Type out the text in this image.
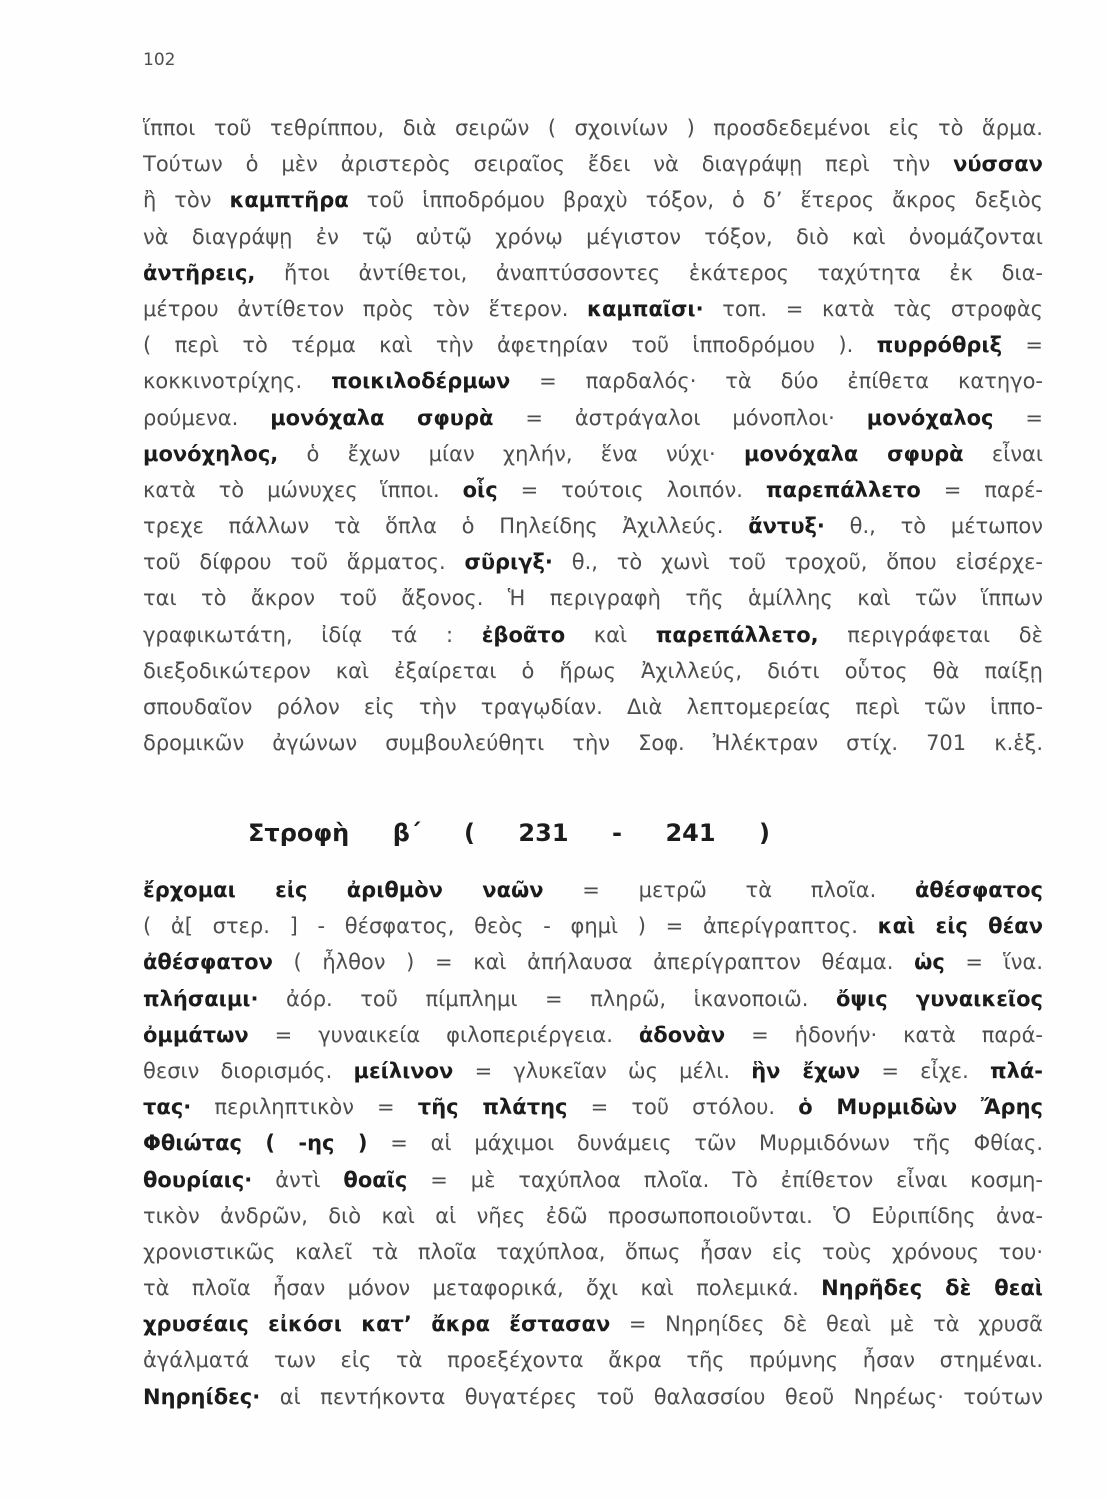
102
ἵπποι τοῦ τεθρίππου, διὰ σειρῶν ( σχοινίων ) προσδεδεμένοι εἰς τὸ ἅρμα.
Τούτων ὁ μὲν ἀριστερὸς σειραῖος ἔδει νὰ διαγράψῃ περὶ τὴν νύσσαν
ἢ τὸν καμπτῆρα τοῦ ἱπποδρόμου βραχὺ τόξον, ὁ δ’ ἕτερος ἄκρος δεξιὸς
νὰ διαγράψῃ ἐν τῷ αὐτῷ χρόνῳ μέγιστον τόξον, διὸ καὶ ὀνομάζονται
ἀντῆρεις, ἤτοι ἀντίθετοι, ἀναπτύσσοντες ἑκάτερος ταχύτητα ἐκ δια-
μέτρου ἀντίθετον πρὸς τὸν ἕτερον. καμπαῖσι· τοπ. = κατὰ τὰς στροφὰς
( περὶ τὸ τέρμα καὶ τὴν ἀφετηρίαν τοῦ ἱπποδρόμου ). πυρρόθριξ =
κοκκινοτρίχης. ποικιλοδέρμων = παρδαλός· τὰ δύο ἐπίθετα κατηγο-
ρούμενα. μονόχαλα σφυρὰ = ἀστράγαλοι μόνοπλοι· μονόχαλος =
μονόχηλος, ὁ ἔχων μίαν χηλήν, ἕνα νύχι· μονόχαλα σφυρὰ εἶναι
κατὰ τὸ μώνυχες ἵπποι. οἷς = τούτοις λοιπόν. παρεπάλλετο = παρέ-
τρεχε πάλλων τὰ ὅπλα ὁ Πηλείδης Ἀχιλλεύς. ἄντυξ· θ., τὸ μέτωπον
τοῦ δίφρου τοῦ ἅρματος. σῦριγξ· θ., τὸ χωνὶ τοῦ τροχοῦ, ὅπου εἰσέρχε-
ται τὸ ἄκρον τοῦ ἄξονος. Ἡ περιγραφὴ τῆς ἁμίλλης καὶ τῶν ἵππων
γραφικωτάτη, ἰδίᾳ τά : ἐβοᾶτο καὶ παρεπάλλετο, περιγράφεται δὲ
διεξοδικώτερον καὶ ἐξαίρεται ὁ ἥρως Ἀχιλλεύς, διότι οὗτος θὰ παίξῃ
σπουδαῖον ρόλον εἰς τὴν τραγῳδίαν. Διὰ λεπτομερείας περὶ τῶν ἱππο-
δρομικῶν ἀγώνων συμβουλεύθητι τὴν Σοφ. Ἠλέκτραν στίχ. 701 κ.ἑξ.
Στροφὴ β΄ ( 231 - 241 )
ἔρχομαι εἰς ἀριθμὸν ναῶν = μετρῶ τὰ πλοῖα. ἀθέσφατος
( ἀ[ στερ. ] - θέσφατος, θεὸς - φημὶ ) = ἀπερίγραπτος. καὶ εἰς θέαν
ἀθέσφατον ( ἦλθον ) = καὶ ἀπήλαυσα ἀπερίγραπτον θέαμα. ὡς = ἵνα.
πλήσαιμι· ἀόρ. τοῦ πίμπλημι = πληρῶ, ἱκανοποιῶ. ὄψις γυναικεῖος
ὀμμάτων = γυναικεία φιλοπεριέργεια. ἀδονὰν = ἡδονήν· κατὰ παρά-
θεσιν διορισμός. μείλινον = γλυκεῖαν ὡς μέλι. ἣν ἔχων = εἶχε. πλά-
τας· περιληπτικὸν = τῆς πλάτης = τοῦ στόλου. ὁ Μυρμιδὼν Ἄρης
Φθιώτας ( -ης ) = αἱ μάχιμοι δυνάμεις τῶν Μυρμιδόνων τῆς Φθίας.
θουρίαις· ἀντὶ θοαῖς = μὲ ταχύπλοα πλοῖα. Τὸ ἐπίθετον εἶναι κοσμη-
τικὸν ἀνδρῶν, διὸ καὶ αἱ νῆες ἐδῶ προσωποποιοῦνται. Ὁ Εὐριπίδης ἀνα-
χρονιστικῶς καλεῖ τὰ πλοῖα ταχύπλοα, ὅπως ἦσαν εἰς τοὺς χρόνους του·
τὰ πλοῖα ἦσαν μόνον μεταφορικά, ὄχι καὶ πολεμικά. Νηρῆδες δὲ θεαὶ
χρυσέαις εἰκόσι κατ’ ἄκρα ἔστασαν = Νηρηίδες δὲ θεαὶ μὲ τὰ χρυσᾶ
ἀγάλματά των εἰς τὰ προεξέχοντα ἄκρα τῆς πρύμνης ἦσαν στημέναι.
Νηρηίδες· αἱ πεντήκοντα θυγατέρες τοῦ θαλασσίου θεοῦ Νηρέως· τούτων
